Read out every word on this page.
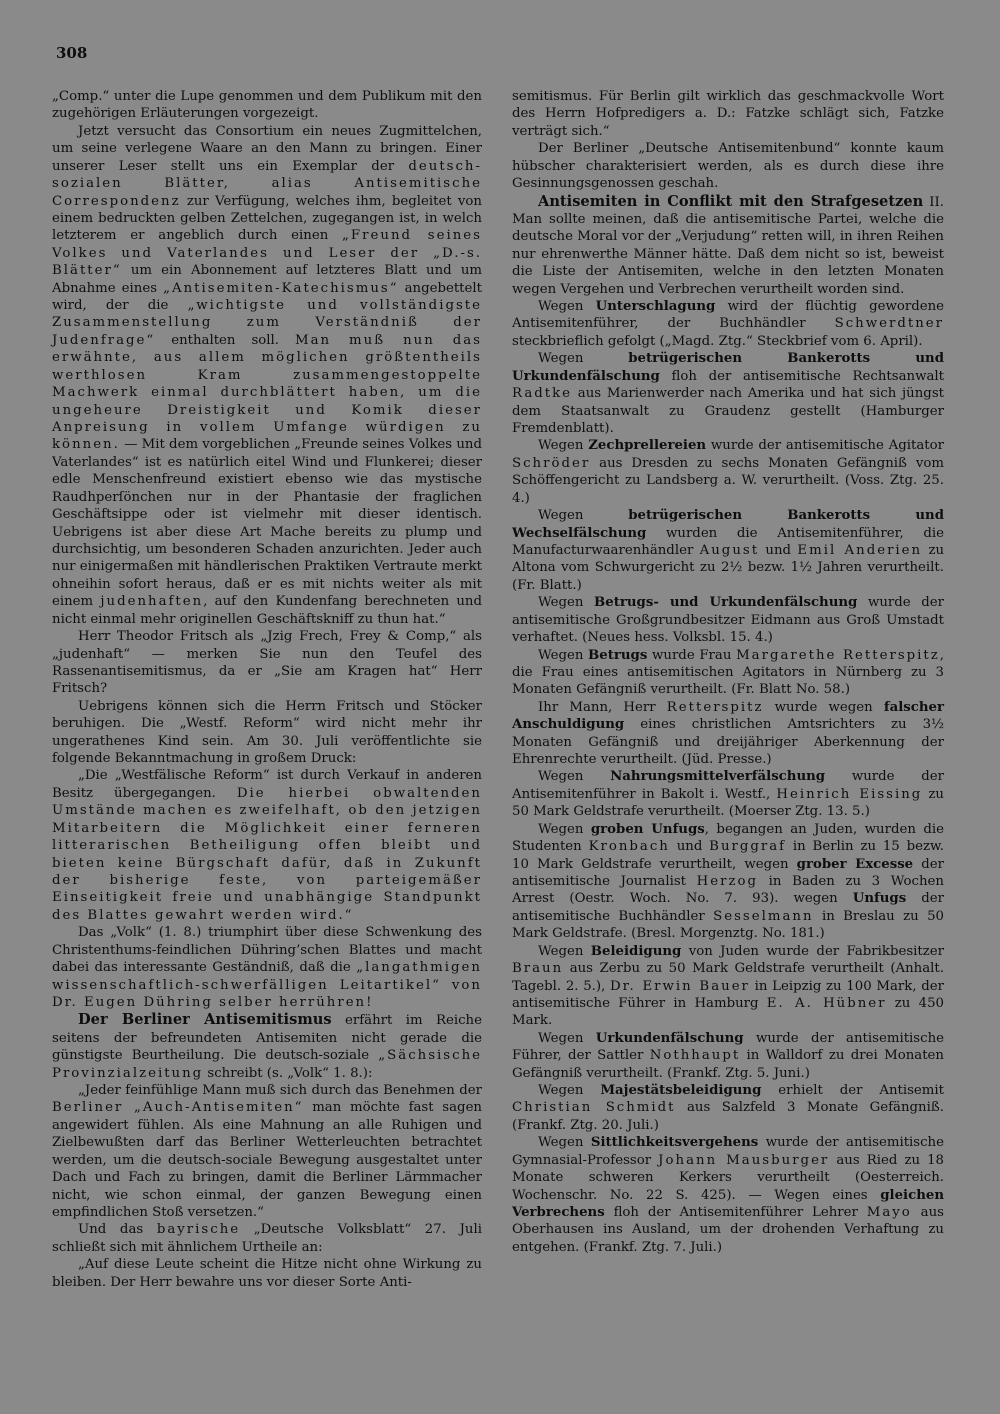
308

„Comp.“ unter die Lupe genommen und dem Publikum mit den zugehörigen Erläuterungen vorgezeigt.

Jetzt versucht das Consortium ein neues Zugmittelchen, um seine verlegene Waare an den Mann zu bringen. Einer unserer Leser stellt uns ein Exemplar der deutsch-sozialen Blätter, alias Antisemitische Correspondenz zur Verfügung, welches ihm, begleitet von einem bedruckten gelben Zettelchen, zugegangen ist, in welch letzterem er angeblich durch einen „Freund seines Volkes und Vaterlandes und Leser der „D.-s. Blätter“ um ein Abonnement auf letzteres Blatt und um Abnahme eines „Antisemiten-Katechismus“ angebettelt wird, der die „wichtigste und vollständigste Zusammenstellung zum Verständniß der Judenfrage“ enthalten soll. Man muß nun das erwähnte, aus allem möglichen größtentheils werthlosen Kram zusammengestoppelte Machwerk einmal durchblättert haben, um die ungeheure Dreistigkeit und Komik dieser Anpreisung in vollem Umfange würdigen zu können. — Mit dem vorgeblichen „Freunde seines Volkes und Vaterlandes“ ist es natürlich eitel Wind und Flunkerei; dieser edle Menschenfreund existiert ebenso wie das mystische Raudhperſönchen nur in der Phantasie der fraglichen Geschäftsippe oder ist vielmehr mit dieser identisch. Uebrigens ist aber diese Art Mache bereits zu plump und durchsichtig, um besonderen Schaden anzurichten. Jeder auch nur einigermaßen mit händlerischen Praktiken Vertraute merkt ohneihin sofort heraus, daß er es mit nichts weiter als mit einem judenhaften, auf den Kundenfang berechneten und nicht einmal mehr originellen Geschäftskniff zu thun hat.“

Herr Theodor Fritsch als „Jzig Frech, Frey & Comp,“ als „judenhaft“ — merken Sie nun den Teufel des Rassenantisemitismus, da er „Sie am Kragen hat“ Herr Fritsch?

Uebrigens können sich die Herrn Fritsch und Stöcker beruhigen. Die „Westf. Reform“ wird nicht mehr ihr ungerathenes Kind sein. Am 30. Juli veröffentlichte sie folgende Bekanntmachung in großem Druck:

„Die „Westfälische Reform“ ist durch Verkauf in anderen Besitz übergegangen. Die hierbei obwaltenden Umstände machen es zweifelhaft, ob den jetzigen Mitarbeitern die Möglichkeit einer ferneren litterarischen Betheiligung offen bleibt und bieten keine Bürgschaft dafür, daß in Zukunft der bisherige feste, von parteigemäßer Einseitigkeit freie und unabhängige Standpunkt des Blattes gewahrt werden wird.“

Das „Volk“ (1. 8.) triumphirt über diese Schwenkung des Christenthums-feindlichen Dühring’schen Blattes und macht dabei das interessante Geständniß, daß die „langathmigen wissenschaftlich-schwerfälligen Leitartikel“ von Dr. Eugen Dühring selber herrühren!

Der Berliner Antisemitismus erfährt im Reiche seitens der befreundeten Antisemiten nicht gerade die günstigste Beurtheilung. Die deutsch-soziale „Sächsische Provinzialzeitung schreibt (s. „Volk“ 1. 8.):

„Jeder feinfühlige Mann muß sich durch das Benehmen der Berliner „Auch-Antisemiten“ man möchte fast sagen angewidert fühlen. Als eine Mahnung an alle Ruhigen und Zielbewußten darf das Berliner Wetterleuchten betrachtet werden, um die deutsch-sociale Bewegung ausgestaltet unter Dach und Fach zu bringen, damit die Berliner Lärmmacher nicht, wie schon einmal, der ganzen Bewegung einen empfindlichen Stoß versetzen.“

Und das bayrische „Deutsche Volksblatt“ 27. Juli schließt sich mit ähnlichem Urtheile an:

„Auf diese Leute scheint die Hitze nicht ohne Wirkung zu bleiben. Der Herr bewahre uns vor dieser Sorte Anti-

semitismus. Für Berlin gilt wirklich das geschmackvolle Wort des Herrn Hofpredigers a. D.: Fatzke schlägt sich, Fatzke verträgt sich.“

Der Berliner „Deutsche Antisemitenbund“ konnte kaum hübscher charakterisiert werden, als es durch diese ihre Gesinnungsgenossen geschah.

Antisemiten in Conflikt mit den Strafgesetzen II. Man sollte meinen, daß die antisemitische Partei, welche die deutsche Moral vor der „Verjudung“ retten will, in ihren Reihen nur ehrenwerthe Männer hätte. Daß dem nicht so ist, beweist die Liste der Antisemiten, welche in den letzten Monaten wegen Vergehen und Verbrechen verurtheilt worden sind.

Wegen Unterschlagung wird der flüchtig gewordene Antisemitenführer, der Buchhändler Schwerdtner steckbrieflich gefolgt („Magd. Ztg.“ Steckbrief vom 6. April).

Wegen betrügerischen Bankerotts und Urkundenfälschung floh der antisemitische Rechtsanwalt Radtke aus Marienwerder nach Amerika und hat sich jüngst dem Staatsanwalt zu Graudenz gestellt (Hamburger Fremdenblatt).

Wegen Zechprellereien wurde der antisemitische Agitator Schröder aus Dresden zu sechs Monaten Gefängniß vom Schöffengericht zu Landsberg a. W. verurtheilt. (Voss. Ztg. 25. 4.)

Wegen betrügerischen Bankerotts und Wechselfälschung wurden die Antisemitenführer, die Manufacturwaarenhändler August und Emil Anderien zu Altona vom Schwurgericht zu 2½ bezw. 1½ Jahren verurtheilt. (Fr. Blatt.)

Wegen Betrugs- und Urkundenfälschung wurde der antisemitische Großgrundbesitzer Eidmann aus Groß Umstadt verhaftet. (Neues hess. Volksbl. 15. 4.)

Wegen Betrugs wurde Frau Margarethe Retterspitz, die Frau eines antisemitischen Agitators in Nürnberg zu 3 Monaten Gefängniß verurtheilt. (Fr. Blatt No. 58.)

Ihr Mann, Herr Retterspitz wurde wegen falscher Anschuldigung eines christlichen Amtsrichters zu 3½ Monaten Gefängniß und dreijähriger Aberkennung der Ehrenrechte verurtheilt. (Jüd. Presse.)

Wegen Nahrungsmittelverfälschung wurde der Antisemitenführer in Bakolt i. Westf., Heinrich Eissing zu 50 Mark Geldstrafe verurtheilt. (Moerser Ztg. 13. 5.)

Wegen groben Unfugs, begangen an Juden, wurden die Studenten Kronbach und Burggraf in Berlin zu 15 bezw. 10 Mark Geldstrafe verurtheilt, wegen grober Excesse der antisemitische Journalist Herzog in Baden zu 3 Wochen Arrest (Oestr. Woch. No. 7. 93). wegen Unfugs der antisemitische Buchhändler Sesselmann in Breslau zu 50 Mark Geldstrafe. (Bresl. Morgenztg. No. 181.)

Wegen Beleidigung von Juden wurde der Fabrikbesitzer Braun aus Zerbu zu 50 Mark Geldstrafe verurtheilt (Anhalt. Tagebl. 2. 5.), Dr. Erwin Bauer in Leipzig zu 100 Mark, der antisemitische Führer in Hamburg E. A. Hübner zu 450 Mark.

Wegen Urkundenfälschung wurde der antisemitische Führer, der Sattler Nothhaupt in Walldorf zu drei Monaten Gefängniß verurtheilt. (Frankf. Ztg. 5. Juni.)

Wegen Majestätsbeleidigung erhielt der Antisemit Christian Schmidt aus Salzfeld 3 Monate Gefängniß. (Frankf. Ztg. 20. Juli.)

Wegen Sittlichkeitsvergehens wurde der antisemitische Gymnasial-Professor Johann Mausburger aus Ried zu 18 Monate schweren Kerkers verurtheilt (Oesterreich. Wochenschr. No. 22 S. 425). — Wegen eines gleichen Verbrechens floh der Antisemitenführer Lehrer Mayo aus Oberhausen ins Ausland, um der drohenden Verhaftung zu entgehen. (Frankf. Ztg. 7. Juli.)
